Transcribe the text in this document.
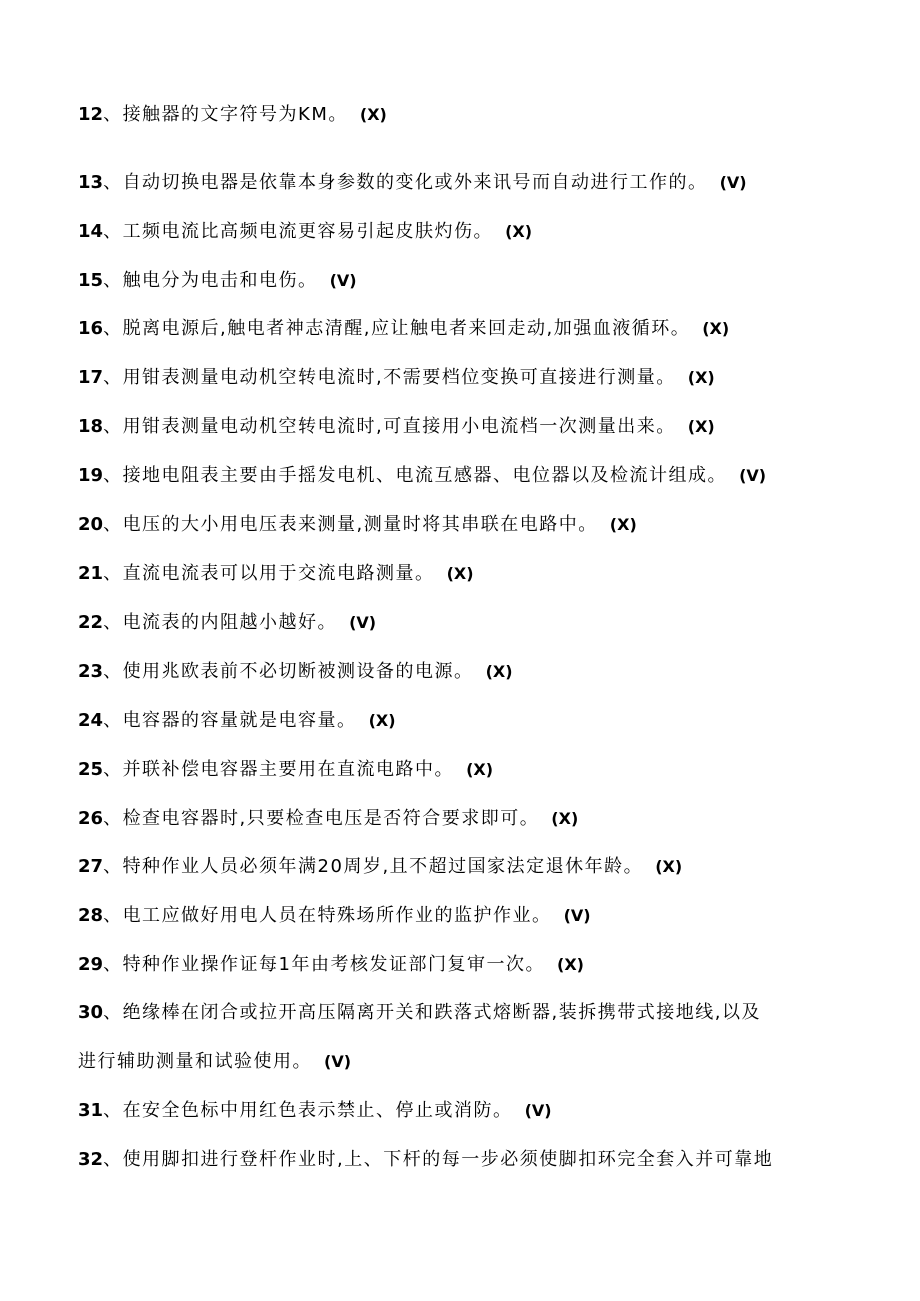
12、接触器的文字符号为KM。 (X)
13、自动切换电器是依靠本身参数的变化或外来讯号而自动进行工作的。 (V)
14、工频电流比高频电流更容易引起皮肤灼伤。 (X)
15、触电分为电击和电伤。 (V)
16、脱离电源后,触电者神志清醒,应让触电者来回走动,加强血液循环。 (X)
17、用钳表测量电动机空转电流时,不需要档位变换可直接进行测量。 (X)
18、用钳表测量电动机空转电流时,可直接用小电流档一次测量出来。 (X)
19、接地电阻表主要由手摇发电机、电流互感器、电位器以及检流计组成。 (V)
20、电压的大小用电压表来测量,测量时将其串联在电路中。 (X)
21、直流电流表可以用于交流电路测量。 (X)
22、电流表的内阻越小越好。 (V)
23、使用兆欧表前不必切断被测设备的电源。 (X)
24、电容器的容量就是电容量。 (X)
25、并联补偿电容器主要用在直流电路中。 (X)
26、检查电容器时,只要检查电压是否符合要求即可。 (X)
27、特种作业人员必须年满20周岁,且不超过国家法定退休年龄。 (X)
28、电工应做好用电人员在特殊场所作业的监护作业。 (V)
29、特种作业操作证每1年由考核发证部门复审一次。 (X)
30、绝缘棒在闭合或拉开高压隔离开关和跌落式熔断器,装拆携带式接地线,以及
进行辅助测量和试验使用。 (V)
31、在安全色标中用红色表示禁止、停止或消防。 (V)
32、使用脚扣进行登杆作业时,上、下杆的每一步必须使脚扣环完全套入并可靠地
